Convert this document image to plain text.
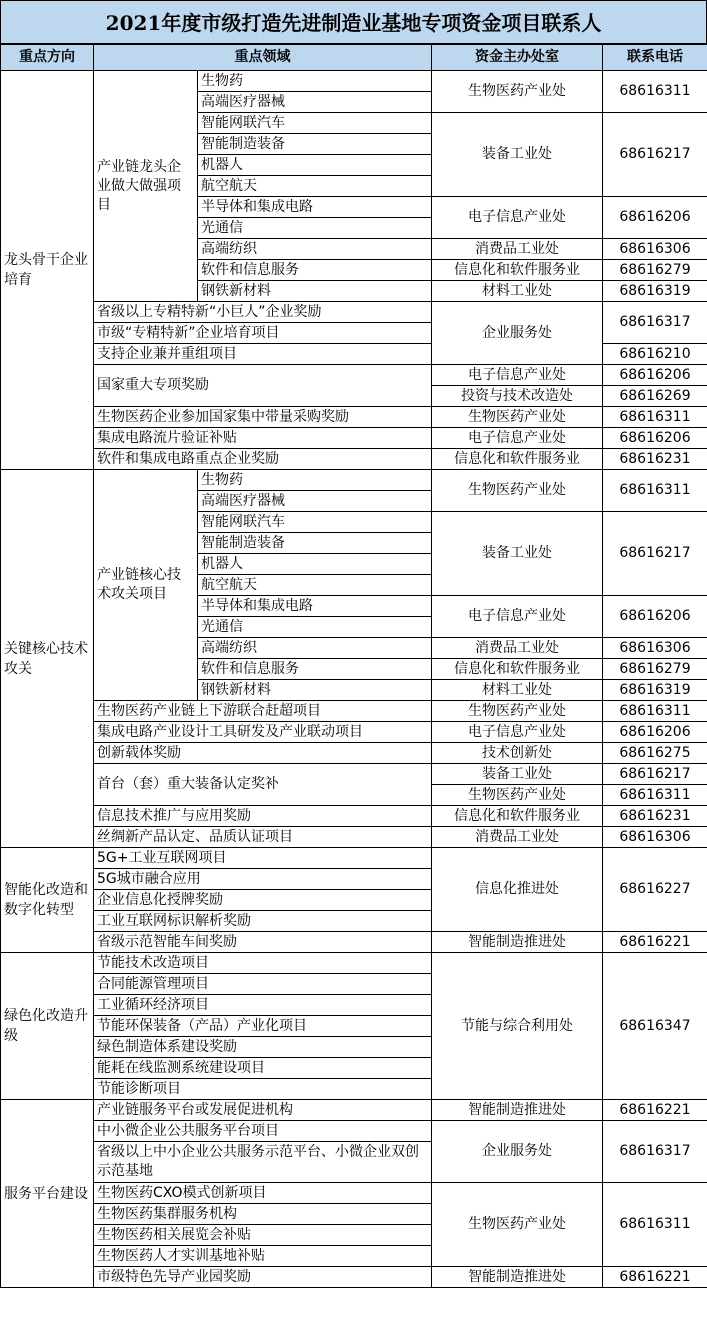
2021年度市级打造先进制造业基地专项资金项目联系人
重点方向	重点领域		资金主办处室	联系电话
龙头骨干企业培育	产业链龙头企业做大做强项目	生物药	生物医药产业处	68616311
		高端医疗器械		
		智能网联汽车	装备工业处	68616217
		智能制造装备		
		机器人		
		航空航天		
		半导体和集成电路	电子信息产业处	68616206
		光通信		
		高端纺织	消费品工业处	68616306
		软件和信息服务	信息化和软件服务业	68616279
		钢铁新材料	材料工业处	68616319
	省级以上专精特新“小巨人”企业奖励		企业服务处	68616317
	市级“专精特新”企业培育项目			
	支持企业兼并重组项目			68616210
	国家重大专项奖励		电子信息产业处	68616206
			投资与技术改造处	68616269
	生物医药企业参加国家集中带量采购奖励		生物医药产业处	68616311
	集成电路流片验证补贴		电子信息产业处	68616206
	软件和集成电路重点企业奖励		信息化和软件服务业	68616231
关键核心技术攻关	产业链核心技术攻关项目	生物药	生物医药产业处	68616311
		高端医疗器械		
		智能网联汽车	装备工业处	68616217
		智能制造装备		
		机器人		
		航空航天		
		半导体和集成电路	电子信息产业处	68616206
		光通信		
		高端纺织	消费品工业处	68616306
		软件和信息服务	信息化和软件服务业	68616279
		钢铁新材料	材料工业处	68616319
	生物医药产业链上下游联合赶超项目		生物医药产业处	68616311
	集成电路产业设计工具研发及产业联动项目		电子信息产业处	68616206
	创新载体奖励		技术创新处	68616275
	首台（套）重大装备认定奖补		装备工业处	68616217
			生物医药产业处	68616311
	信息技术推广与应用奖励		信息化和软件服务业	68616231
	丝绸新产品认定、品质认证项目		消费品工业处	68616306
智能化改造和数字化转型	5G+工业互联网项目		信息化推进处	68616227
	5G城市融合应用			
	企业信息化授牌奖励			
	工业互联网标识解析奖励			
	省级示范智能车间奖励		智能制造推进处	68616221
绿色化改造升级	节能技术改造项目		节能与综合利用处	68616347
	合同能源管理项目			
	工业循环经济项目			
	节能环保装备（产品）产业化项目			
	绿色制造体系建设奖励			
	能耗在线监测系统建设项目			
	节能诊断项目			
服务平台建设	产业链服务平台或发展促进机构		智能制造推进处	68616221
	中小微企业公共服务平台项目		企业服务处	68616317
	省级以上中小企业公共服务示范平台、小微企业双创示范基地			
	生物医药CXO模式创新项目		生物医药产业处	68616311
	生物医药集群服务机构			
	生物医药相关展览会补贴			
	生物医药人才实训基地补贴			
	市级特色先导产业园奖励		智能制造推进处	68616221
